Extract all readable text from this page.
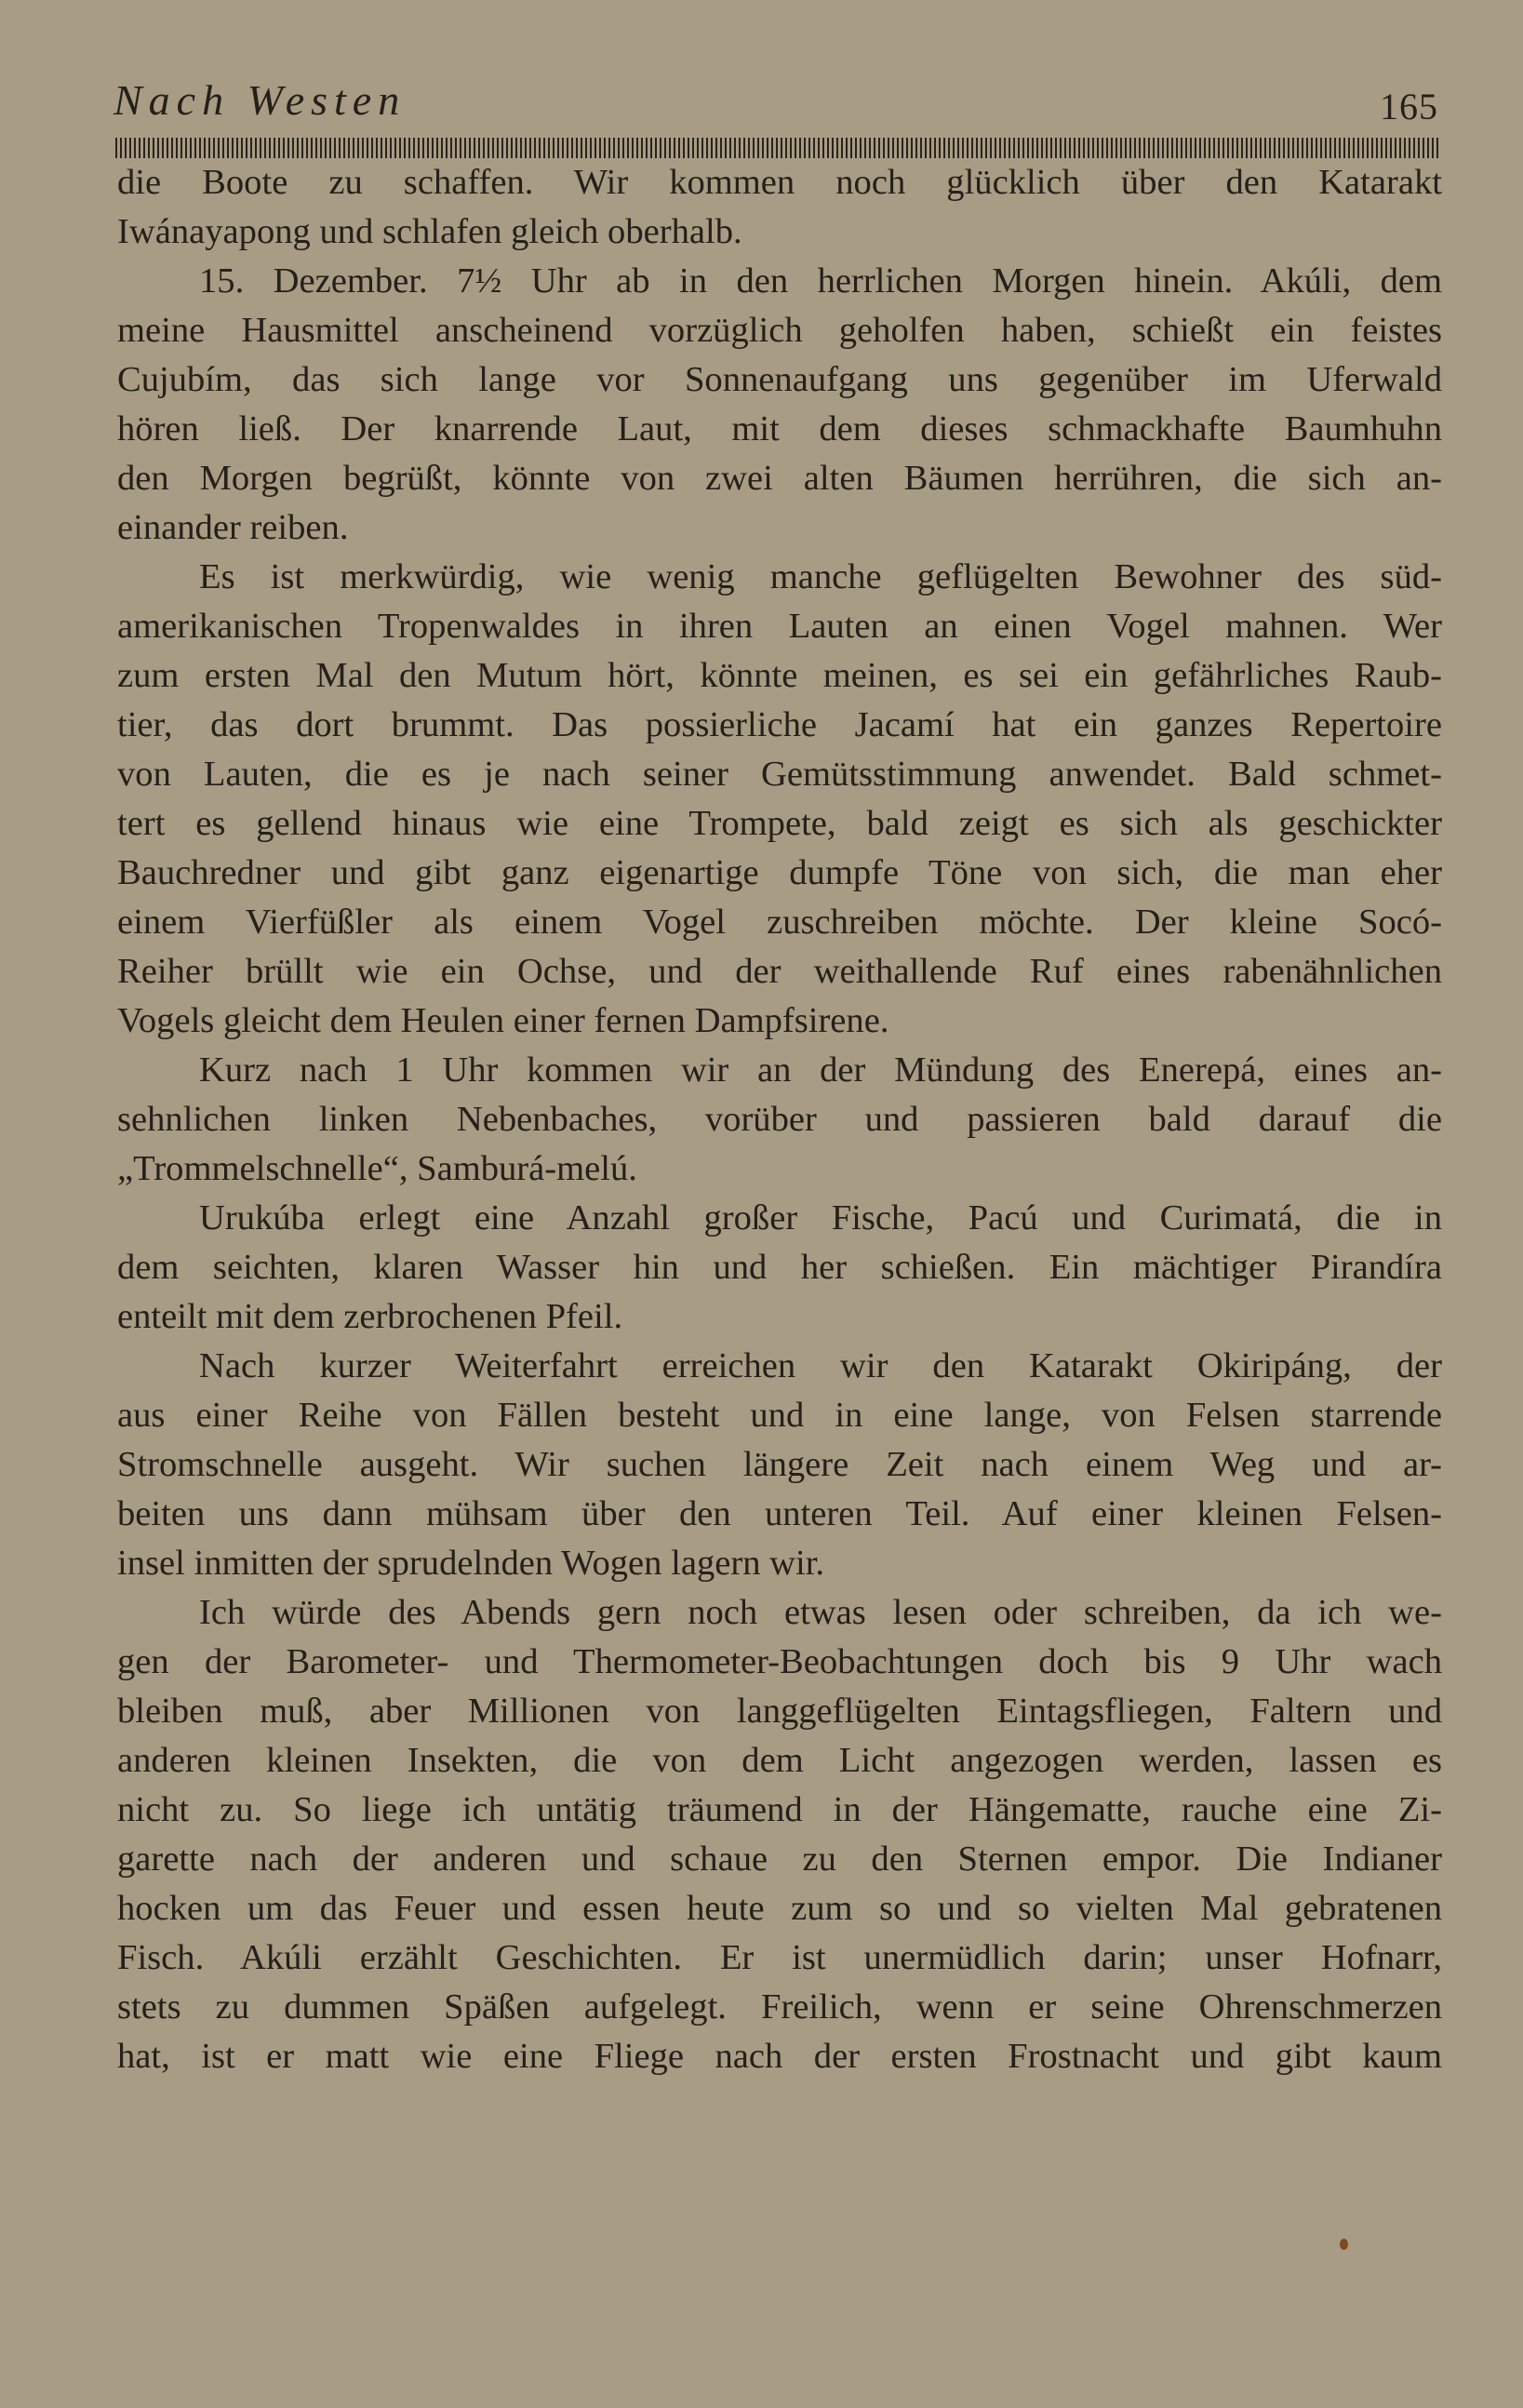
Nach Westen	165
die Boote zu schaffen. Wir kommen noch glücklich über den Katarakt
Iwánayapong und schlafen gleich oberhalb.
15. Dezember. 7½ Uhr ab in den herrlichen Morgen hinein. Akúli, dem
meine Hausmittel anscheinend vorzüglich geholfen haben, schießt ein feistes
Cujubím, das sich lange vor Sonnenaufgang uns gegenüber im Uferwald
hören ließ. Der knarrende Laut, mit dem dieses schmackhafte Baumhuhn
den Morgen begrüßt, könnte von zwei alten Bäumen herrühren, die sich an-
einander reiben.
Es ist merkwürdig, wie wenig manche geflügelten Bewohner des süd-
amerikanischen Tropenwaldes in ihren Lauten an einen Vogel mahnen. Wer
zum ersten Mal den Mutum hört, könnte meinen, es sei ein gefährliches Raub-
tier, das dort brummt. Das possierliche Jacamí hat ein ganzes Repertoire
von Lauten, die es je nach seiner Gemütsstimmung anwendet. Bald schmet-
tert es gellend hinaus wie eine Trompete, bald zeigt es sich als geschickter
Bauchredner und gibt ganz eigenartige dumpfe Töne von sich, die man eher
einem Vierfüßler als einem Vogel zuschreiben möchte. Der kleine Socó-
Reiher brüllt wie ein Ochse, und der weithallende Ruf eines rabenähnlichen
Vogels gleicht dem Heulen einer fernen Dampfsirene.
Kurz nach 1 Uhr kommen wir an der Mündung des Enerepá, eines an-
sehnlichen linken Nebenbaches, vorüber und passieren bald darauf die
„Trommelschnelle“, Samburá-melú.
Urukúba erlegt eine Anzahl großer Fische, Pacú und Curimatá, die in
dem seichten, klaren Wasser hin und her schießen. Ein mächtiger Pirandíra
enteilt mit dem zerbrochenen Pfeil.
Nach kurzer Weiterfahrt erreichen wir den Katarakt Okiripáng, der
aus einer Reihe von Fällen besteht und in eine lange, von Felsen starrende
Stromschnelle ausgeht. Wir suchen längere Zeit nach einem Weg und ar-
beiten uns dann mühsam über den unteren Teil. Auf einer kleinen Felsen-
insel inmitten der sprudelnden Wogen lagern wir.
Ich würde des Abends gern noch etwas lesen oder schreiben, da ich we-
gen der Barometer- und Thermometer-Beobachtungen doch bis 9 Uhr wach
bleiben muß, aber Millionen von langgeflügelten Eintagsfliegen, Faltern und
anderen kleinen Insekten, die von dem Licht angezogen werden, lassen es
nicht zu. So liege ich untätig träumend in der Hängematte, rauche eine Zi-
garette nach der anderen und schaue zu den Sternen empor. Die Indianer
hocken um das Feuer und essen heute zum so und so vielten Mal gebratenen
Fisch. Akúli erzählt Geschichten. Er ist unermüdlich darin; unser Hofnarr,
stets zu dummen Späßen aufgelegt. Freilich, wenn er seine Ohrenschmerzen
hat, ist er matt wie eine Fliege nach der ersten Frostnacht und gibt kaum
